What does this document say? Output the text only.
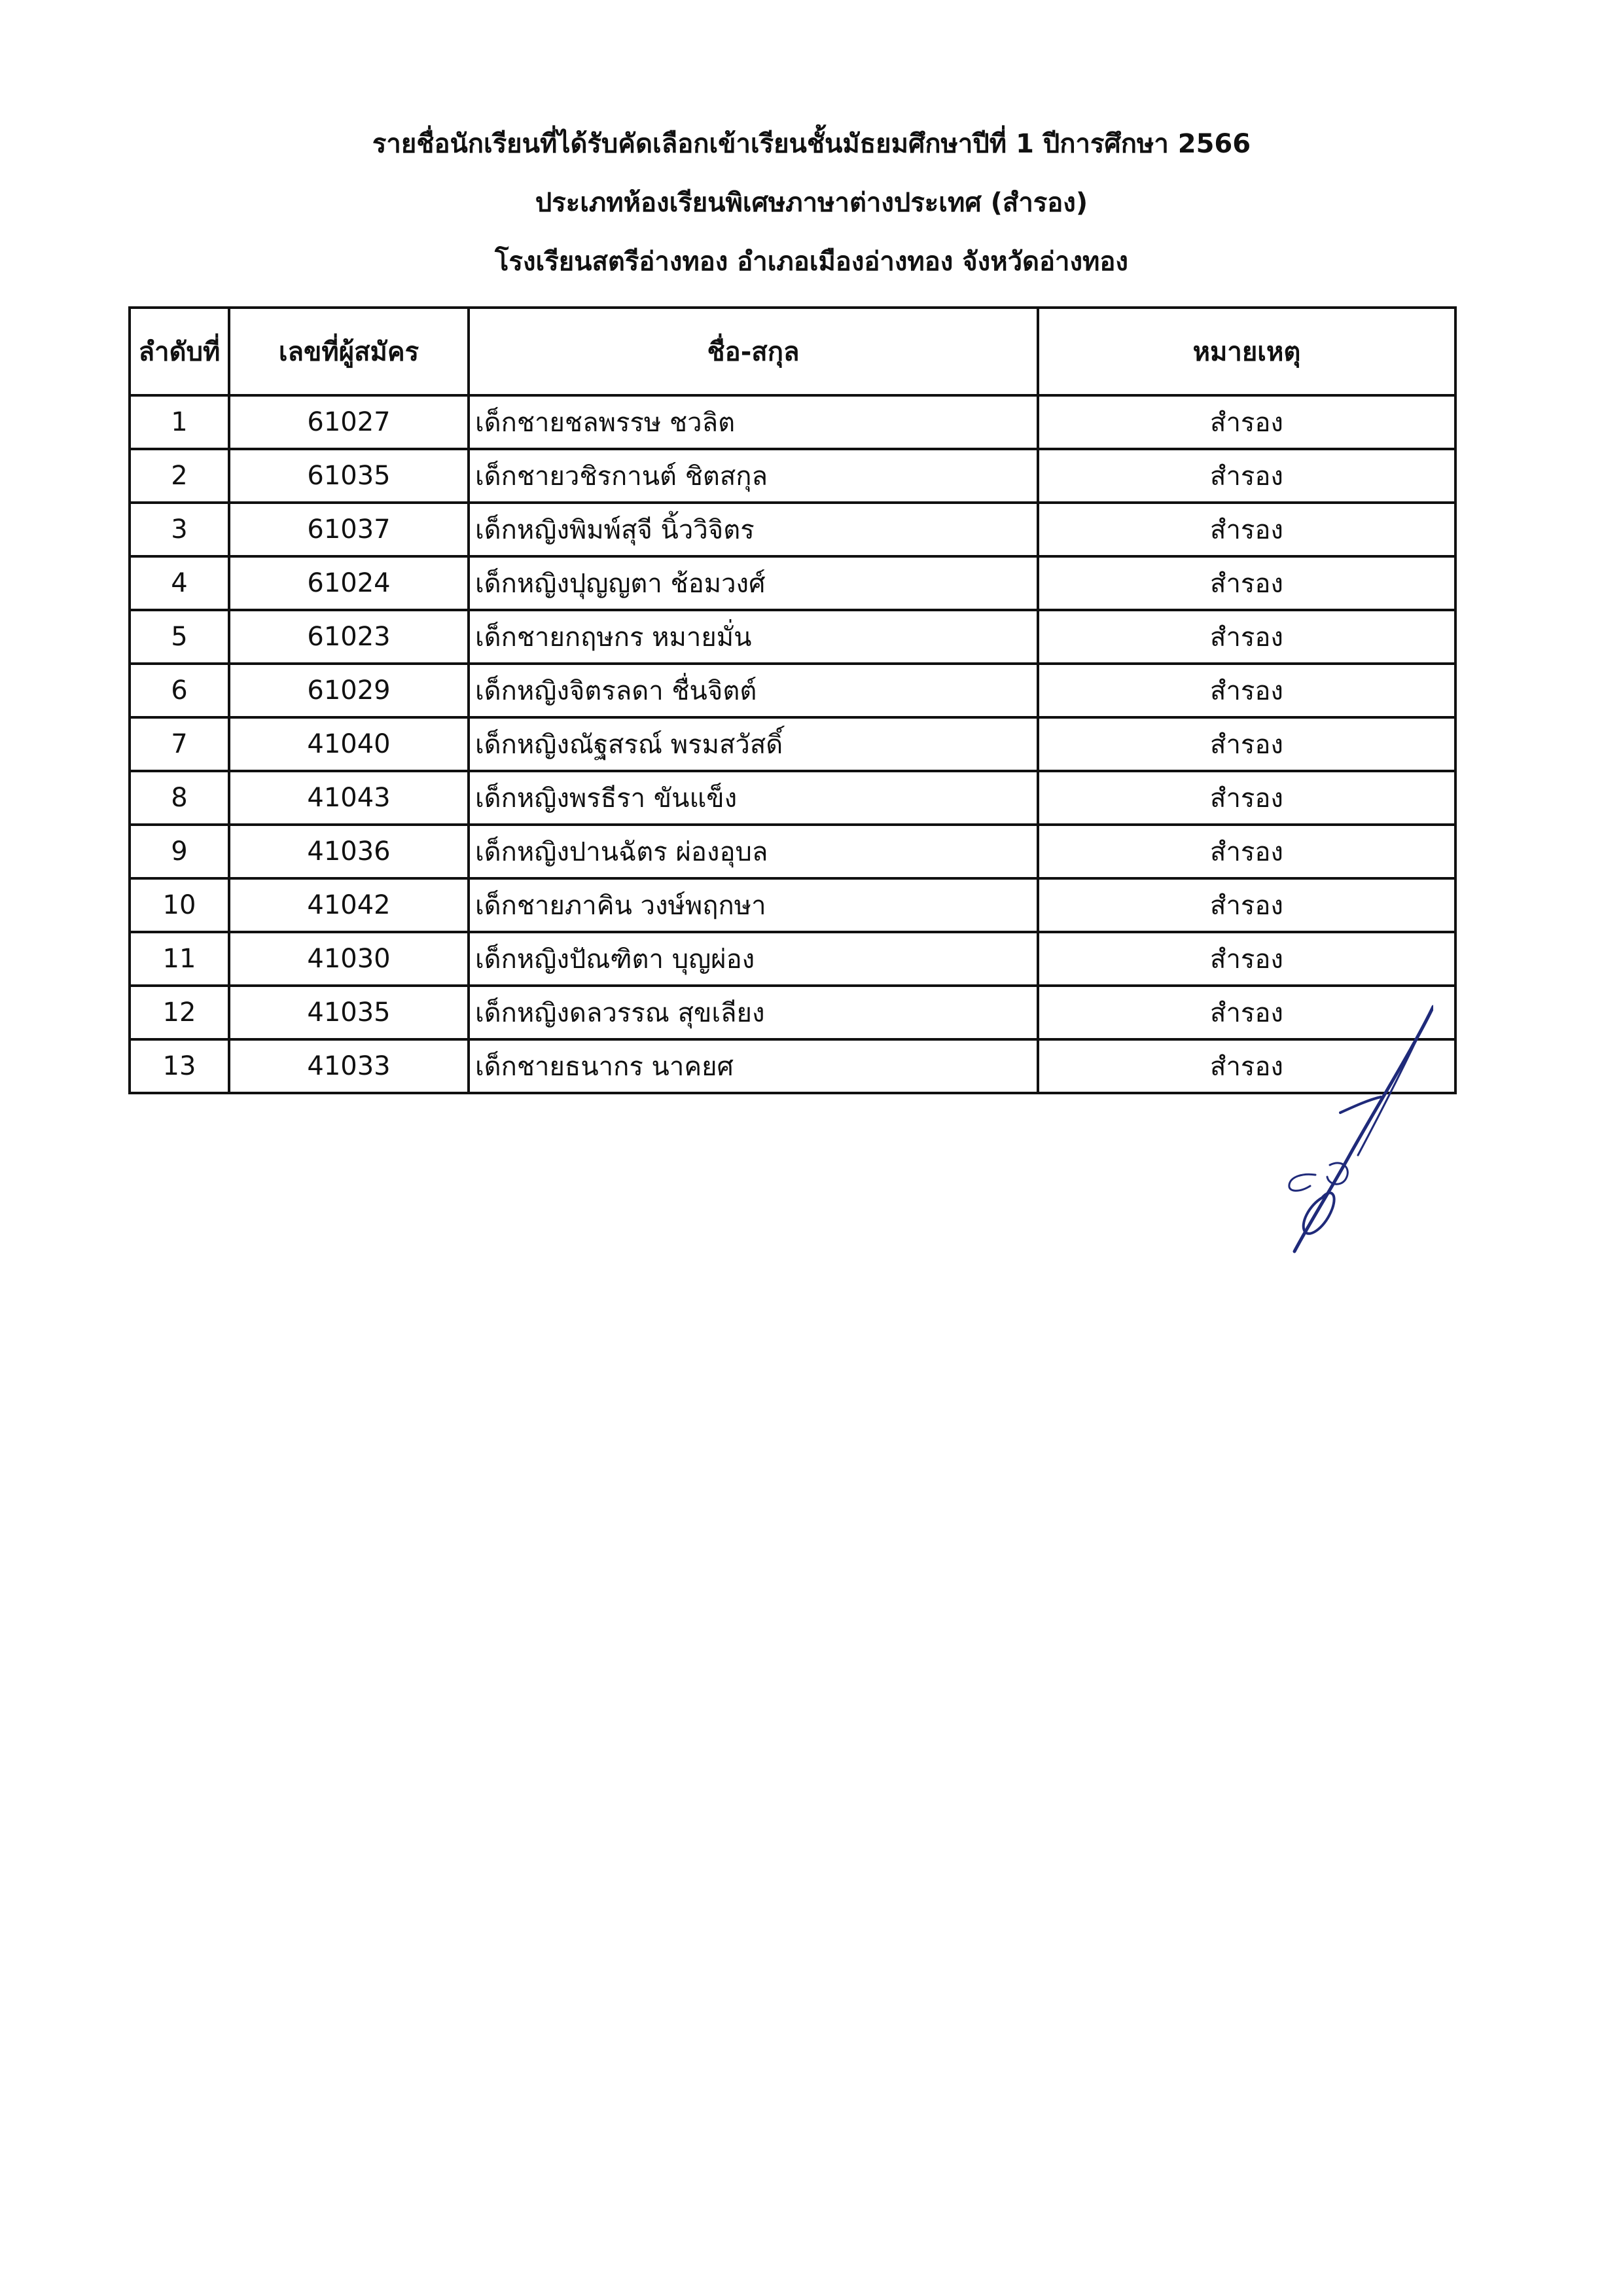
รายชื่อนักเรียนที่ได้รับคัดเลือกเข้าเรียนชั้นมัธยมศึกษาปีที่ 1 ปีการศึกษา 2566
ประเภทห้องเรียนพิเศษภาษาต่างประเทศ (สำรอง)
โรงเรียนสตรีอ่างทอง อำเภอเมืองอ่างทอง จังหวัดอ่างทอง
ลำดับที่	เลขที่ผู้สมัคร	ชื่อ-สกุล	หมายเหตุ
1	61027	เด็กชายชลพรรษ ชวลิต	สำรอง
2	61035	เด็กชายวชิรกานต์ ชิตสกุล	สำรอง
3	61037	เด็กหญิงพิมพ์สุจี นิ้ววิจิตร	สำรอง
4	61024	เด็กหญิงปุญญตา ช้อมวงศ์	สำรอง
5	61023	เด็กชายกฤษกร หมายมั่น	สำรอง
6	61029	เด็กหญิงจิตรลดา ชื่นจิตต์	สำรอง
7	41040	เด็กหญิงณัฐสรณ์ พรมสวัสดิ์	สำรอง
8	41043	เด็กหญิงพรธีรา ขันแข็ง	สำรอง
9	41036	เด็กหญิงปานฉัตร ผ่องอุบล	สำรอง
10	41042	เด็กชายภาคิน วงษ์พฤกษา	สำรอง
11	41030	เด็กหญิงปัณฑิตา บุญผ่อง	สำรอง
12	41035	เด็กหญิงดลวรรณ สุขเลียง	สำรอง
13	41033	เด็กชายธนากร นาคยศ	สำรอง
